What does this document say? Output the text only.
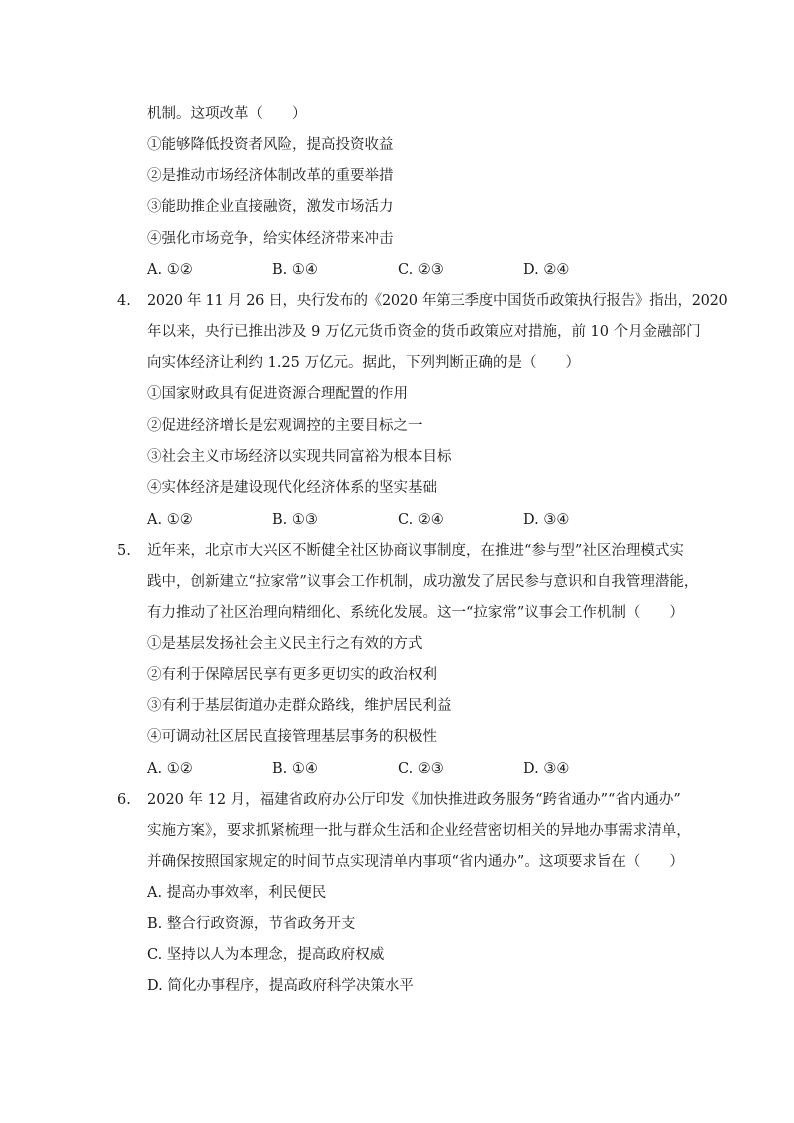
机制。这项改革（　　）
①能够降低投资者风险，提高投资收益
②是推动市场经济体制改革的重要举措
③能助推企业直接融资，激发市场活力
④强化市场竞争，给实体经济带来冲击
A. ①②	B. ①④	C. ②③	D. ②④
4. 2020 年 11 月 26 日，央行发布的《2020 年第三季度中国货币政策执行报告》指出，2020
年以来，央行已推出涉及 9 万亿元货币资金的货币政策应对措施，前 10 个月金融部门
向实体经济让利约 1.25 万亿元。据此，下列判断正确的是（　　）
①国家财政具有促进资源合理配置的作用
②促进经济增长是宏观调控的主要目标之一
③社会主义市场经济以实现共同富裕为根本目标
④实体经济是建设现代化经济体系的坚实基础
A. ①②	B. ①③	C. ②④	D. ③④
5. 近年来，北京市大兴区不断健全社区协商议事制度，在推进“参与型”社区治理模式实
践中，创新建立“拉家常”议事会工作机制，成功激发了居民参与意识和自我管理潜能，
有力推动了社区治理向精细化、系统化发展。这一“拉家常”议事会工作机制（　　）
①是基层发扬社会主义民主行之有效的方式
②有利于保障居民享有更多更切实的政治权利
③有利于基层街道办走群众路线，维护居民利益
④可调动社区居民直接管理基层事务的积极性
A. ①②	B. ①④	C. ②③	D. ③④
6. 2020 年 12 月，福建省政府办公厅印发《加快推进政务服务“跨省通办”“省内通办”
实施方案》，要求抓紧梳理一批与群众生活和企业经营密切相关的异地办事需求清单，
并确保按照国家规定的时间节点实现清单内事项“省内通办”。这项要求旨在（　　）
A. 提高办事效率，利民便民
B. 整合行政资源，节省政务开支
C. 坚持以人为本理念，提高政府权威
D. 简化办事程序，提高政府科学决策水平
